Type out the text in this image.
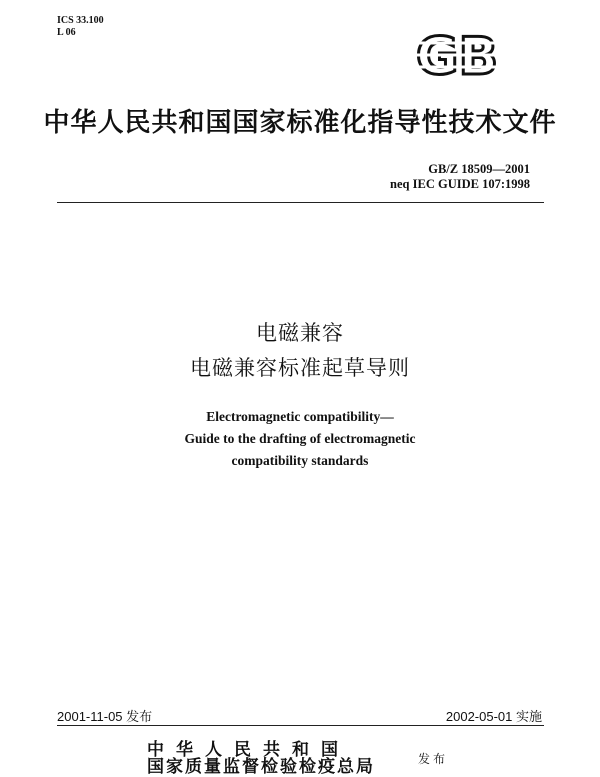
ICS 33.100
L 06	GB
中华人民共和国国家标准化指导性技术文件
GB/Z 18509—2001
neq IEC GUIDE 107:1998
电磁兼容
电磁兼容标准起草导则
Electromagnetic compatibility—
Guide to the drafting of electromagnetic
compatibility standards
2001-11-05 发布	2002-05-01 实施
中华人民共和国
国家质量监督检验检疫总局	发布
